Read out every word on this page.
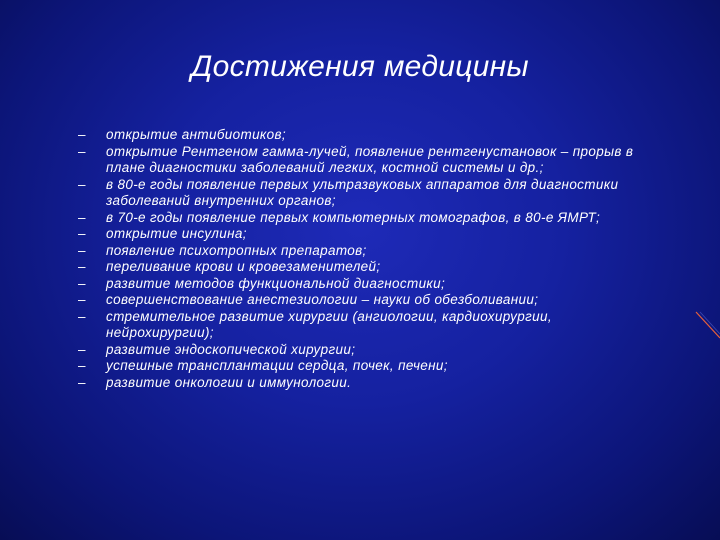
Достижения медицины
– открытие антибиотиков;
– открытие Рентгеном гамма-лучей, появление рентгенустановок – прорыв в плане диагностики заболеваний легких, костной системы и др.;
– в 80-е годы появление первых ультразвуковых аппаратов для диагностики заболеваний внутренних органов;
– в 70-е годы появление первых компьютерных томографов, в 80-е ЯМРТ;
– открытие инсулина;
– появление психотропных препаратов;
– переливание крови и кровезаменителей;
– развитие методов функциональной диагностики;
– совершенствование анестезиологии – науки об обезболивании;
– стремительное развитие хирургии (ангиологии, кардиохирургии, нейрохирургии);
– развитие эндоскопической хирургии;
– успешные трансплантации сердца, почек, печени;
– развитие онкологии и иммунологии.
